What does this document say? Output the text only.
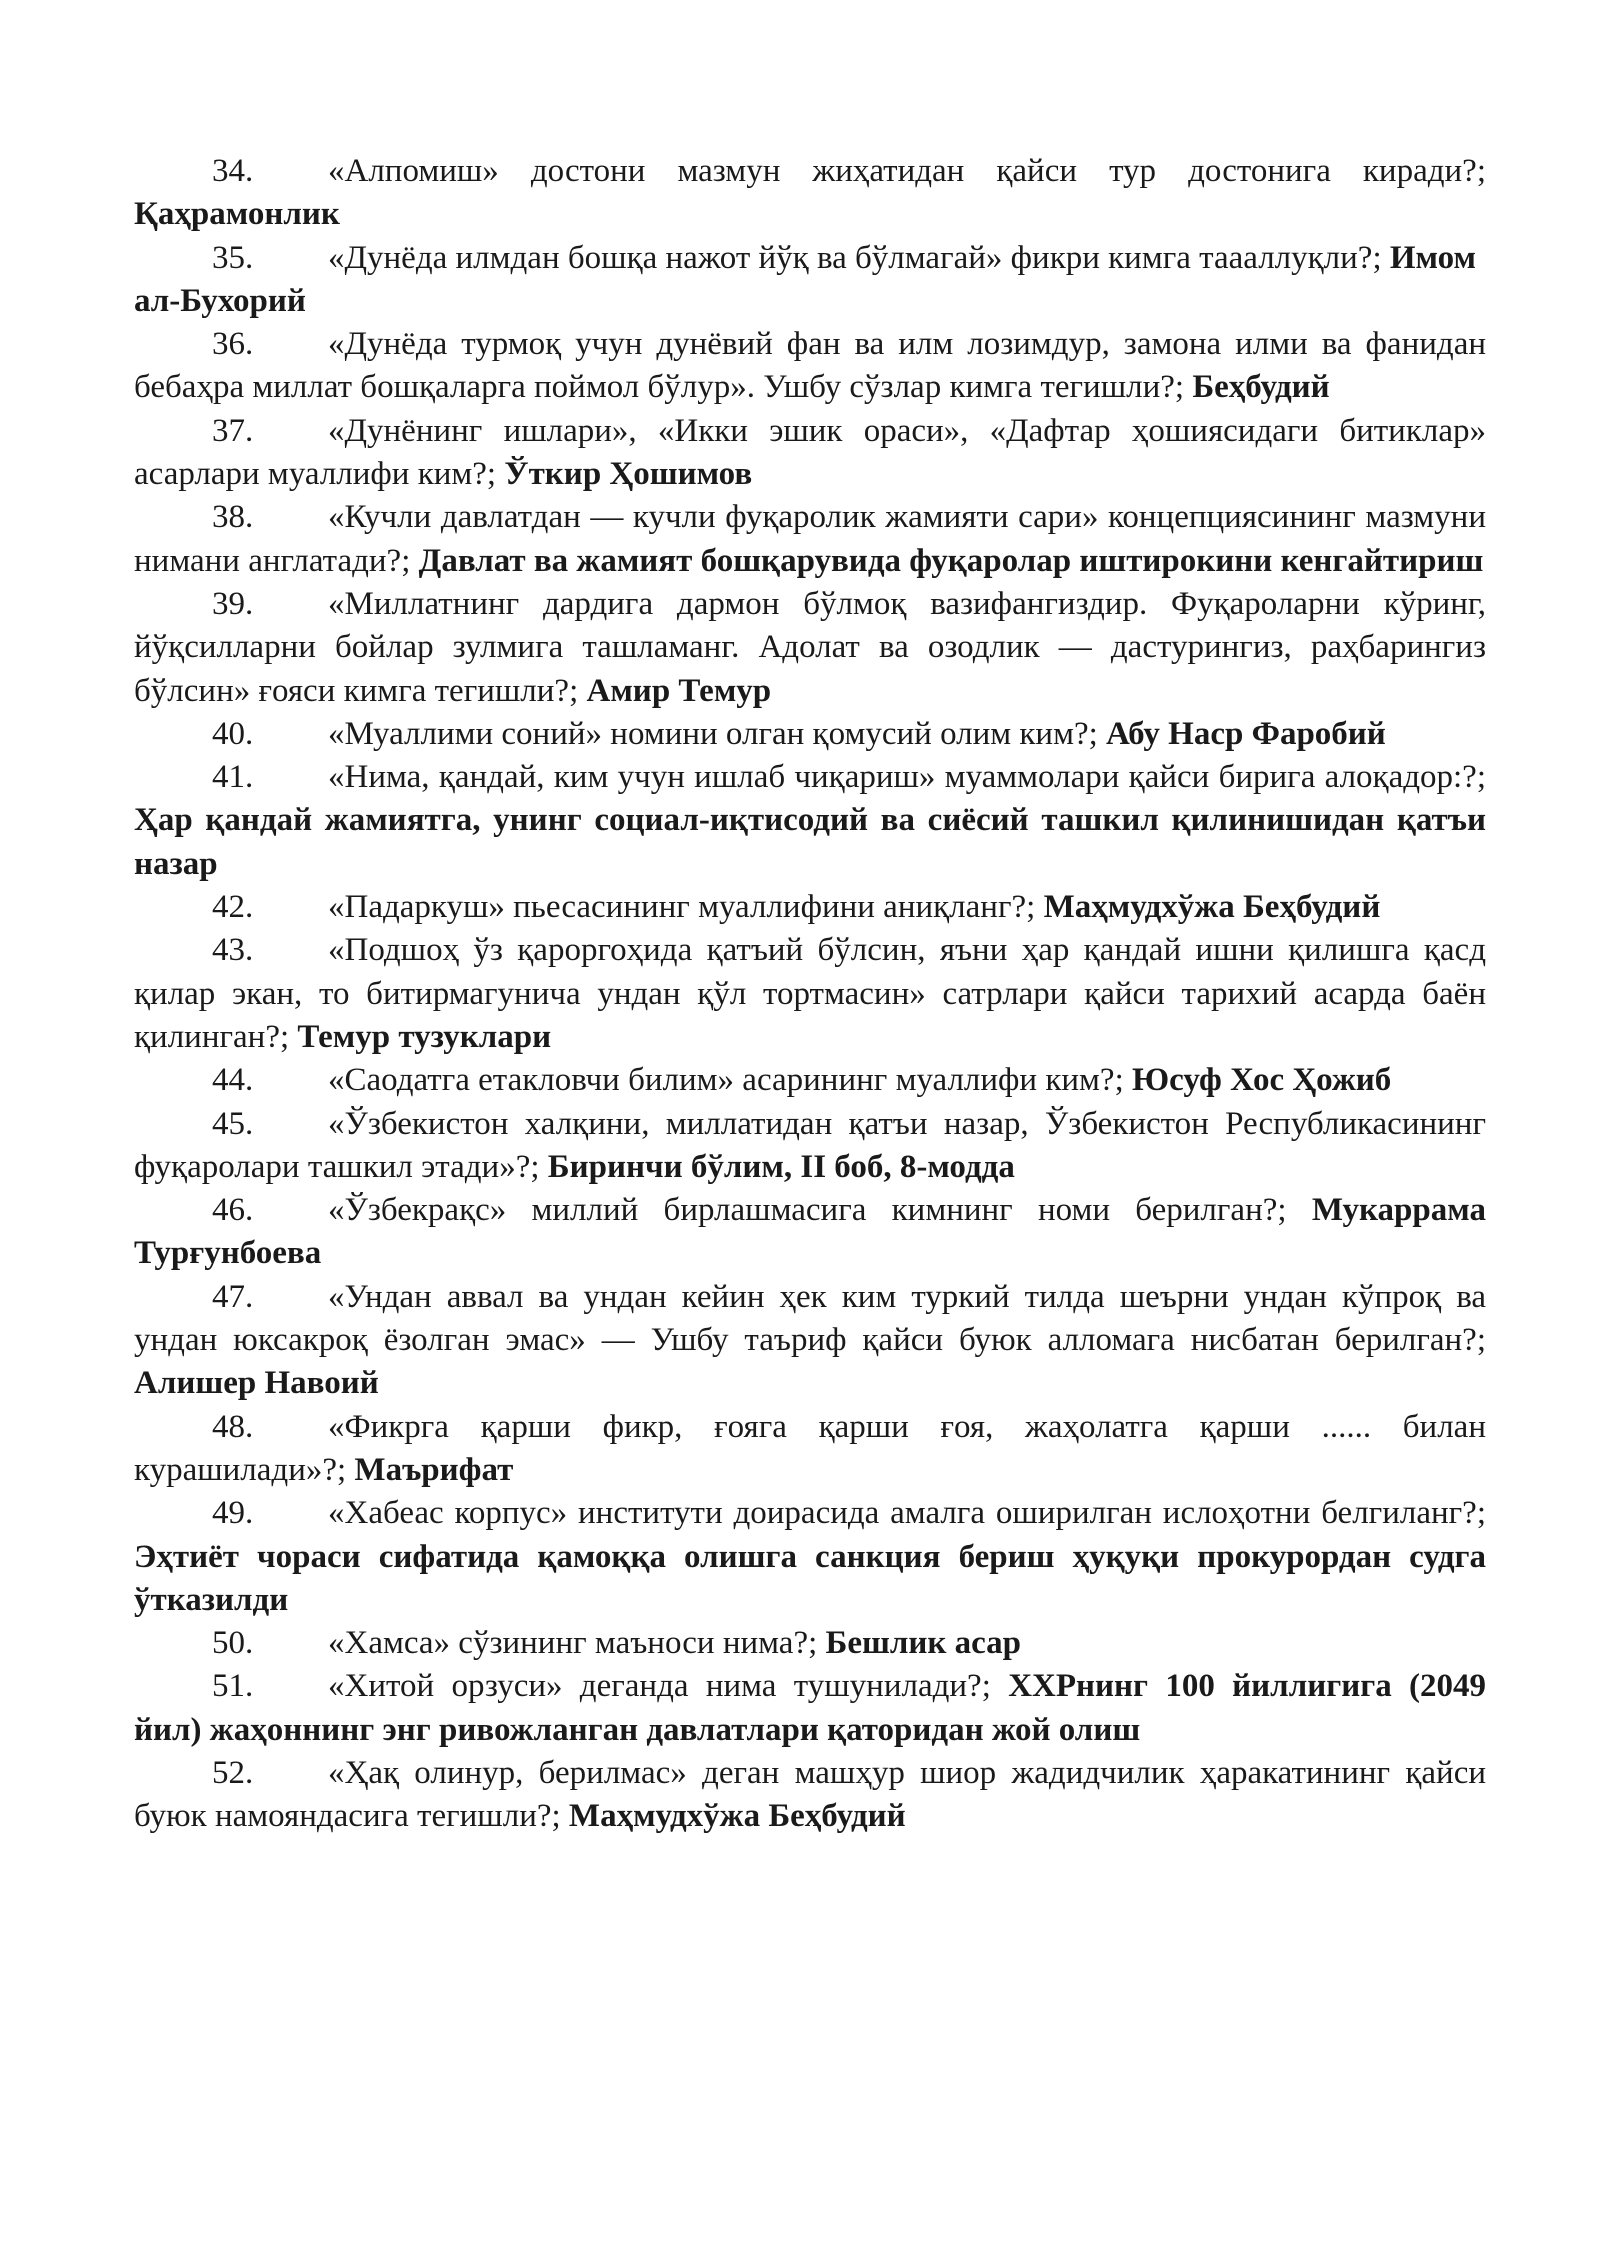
34. «Алпомиш» достони мазмун жиҳатидан қайси тур достонига киради?; Қаҳрамонлик

35. «Дунёда илмдан бошқа нажот йўқ ва бўлмагай» фикри кимга таааллуқли?; Имом ал-Бухорий

36. «Дунёда турмоқ учун дунёвий фан ва илм лозимдур, замона илми ва фанидан бебаҳра миллат бошқаларга поймол бўлур». Ушбу сўзлар кимга тегишли?; Беҳбудий

37. «Дунёнинг ишлари», «Икки эшик ораси», «Дафтар ҳошиясидаги битиклар» асарлари муаллифи ким?; Ўткир Ҳошимов

38. «Кучли давлатдан — кучли фуқаролик жамияти сари» концепциясининг мазмуни нимани англатади?; Давлат ва жамият бошқарувида фуқаролар иштирокини кенгайтириш

39. «Миллатнинг дардига дармон бўлмоқ вазифангиздир. Фуқароларни кўринг, йўқсилларни бойлар зулмига ташламанг. Адолат ва озодлик — дастурингиз, раҳбарингиз бўлсин» ғояси кимга тегишли?; Амир Темур

40. «Муаллими соний» номини олган қомусий олим ким?; Абу Наср Фаробий

41. «Нима, қандай, ким учун ишлаб чиқариш» муаммолари қайси бирига алоқадор:?; Ҳар қандай жамиятга, унинг социал-иқтисодий ва сиёсий ташкил қилинишидан қатъи назар

42. «Падаркуш» пьесасининг муаллифини аниқланг?; Маҳмудхўжа Беҳбудий

43. «Подшоҳ ўз қароргоҳида қатъий бўлсин, яъни ҳар қандай ишни қилишга қасд қилар экан, то битирмагунича ундан қўл тортмасин» сатрлари қайси тарихий асарда баён қилинган?; Темур тузуклари

44. «Саодатга етакловчи билим» асарининг муаллифи ким?; Юсуф Хос Ҳожиб

45. «Ўзбекистон халқини, миллатидан қатъи назар, Ўзбекистон Республикасининг фуқаролари ташкил этади»?; Биринчи бўлим, II боб, 8-модда

46. «Ўзбекрақс» миллий бирлашмасига кимнинг номи берилган?; Мукаррама Турғунбоева

47. «Ундан аввал ва ундан кейин ҳек ким туркий тилда шеърни ундан кўпроқ ва ундан юксакроқ ёзолган эмас» — Ушбу таъриф қайси буюк алломага нисбатан берилган?; Алишер Навоий

48. «Фикрга қарши фикр, ғояга қарши ғоя, жаҳолатга қарши ...... билан курашилади»?; Маърифат

49. «Хабеас корпус» институти доирасида амалга оширилган ислоҳотни белгиланг?; Эҳтиёт чораси сифатида қамоққа олишга санкция бериш ҳуқуқи прокурордан судга ўтказилди

50. «Хамса» сўзининг маъноси нима?; Бешлик асар

51. «Хитой орзуси» деганда нима тушунилади?; ХХРнинг 100 йиллигига (2049 йил) жаҳоннинг энг ривожланган давлатлари қаторидан жой олиш

52. «Ҳақ олинур, берилмас» деган машҳур шиор жадидчилик ҳаракатининг қайси буюк намояндасига тегишли?; Маҳмудхўжа Беҳбудий
